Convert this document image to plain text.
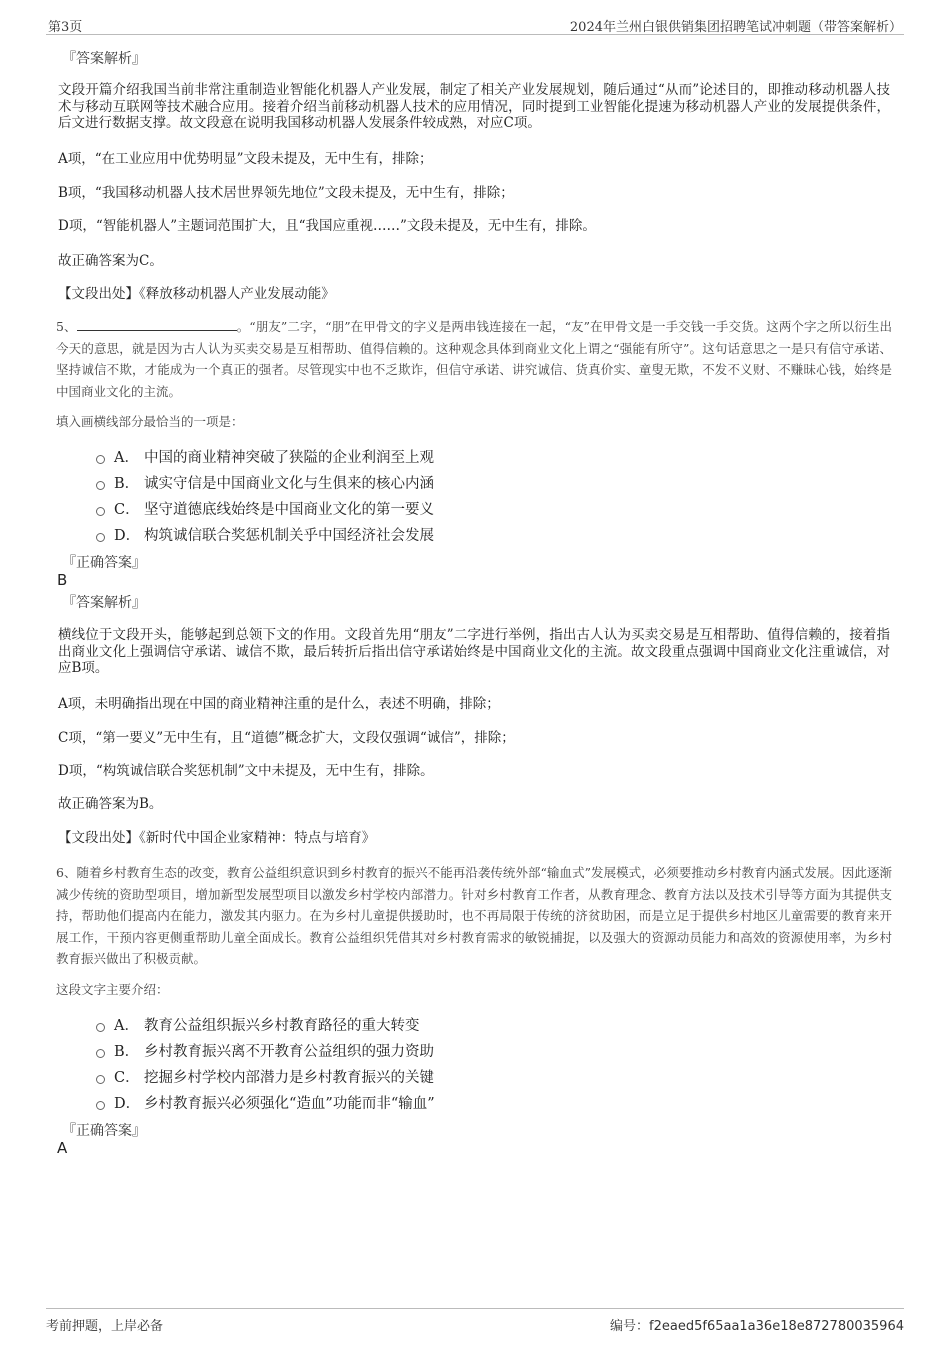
第3页	2024年兰州白银供销集团招聘笔试冲刺题（带答案解析）
『答案解析』
文段开篇介绍我国当前非常注重制造业智能化机器人产业发展，制定了相关产业发展规划，随后通过“从而”论述目的，即推动移动机器人技术与移动互联网等技术融合应用。接着介绍当前移动机器人技术的应用情况，同时提到工业智能化提速为移动机器人产业的发展提供条件，后文进行数据支撑。故文段意在说明我国移动机器人发展条件较成熟，对应C项。
A项，“在工业应用中优势明显”文段未提及，无中生有，排除；
B项，“我国移动机器人技术居世界领先地位”文段未提及，无中生有，排除；
D项，“智能机器人”主题词范围扩大，且“我国应重视……”文段未提及，无中生有，排除。
故正确答案为C。
【文段出处】《释放移动机器人产业发展动能》
5、	。“朋友”二字，“朋”在甲骨文的字义是两串钱连接在一起，“友”在甲骨文是一手交钱一手交货。这两个字之所以衍生出今天的意思，就是因为古人认为买卖交易是互相帮助、值得信赖的。这种观念具体到商业文化上谓之“强能有所守”。这句话意思之一是只有信守承诺、坚持诚信不欺，才能成为一个真正的强者。尽管现实中也不乏欺诈，但信守承诺、讲究诚信、货真价实、童叟无欺，不发不义财、不赚昧心钱，始终是中国商业文化的主流。
填入画横线部分最恰当的一项是：
A． 中国的商业精神突破了狭隘的企业利润至上观
B． 诚实守信是中国商业文化与生俱来的核心内涵
C． 坚守道德底线始终是中国商业文化的第一要义
D． 构筑诚信联合奖惩机制关乎中国经济社会发展
『正确答案』
B
『答案解析』
横线位于文段开头，能够起到总领下文的作用。文段首先用“朋友”二字进行举例，指出古人认为买卖交易是互相帮助、值得信赖的，接着指出商业文化上强调信守承诺、诚信不欺，最后转折后指出信守承诺始终是中国商业文化的主流。故文段重点强调中国商业文化注重诚信，对应B项。
A项，未明确指出现在中国的商业精神注重的是什么，表述不明确，排除；
C项，“第一要义”无中生有，且“道德”概念扩大，文段仅强调“诚信”，排除；
D项，“构筑诚信联合奖惩机制”文中未提及，无中生有，排除。
故正确答案为B。
【文段出处】《新时代中国企业家精神：特点与培育》
6、随着乡村教育生态的改变，教育公益组织意识到乡村教育的振兴不能再沿袭传统外部“输血式”发展模式，必须要推动乡村教育内涵式发展。因此逐渐减少传统的资助型项目，增加新型发展型项目以激发乡村学校内部潜力。针对乡村教育工作者，从教育理念、教育方法以及技术引导等方面为其提供支持，帮助他们提高内在能力，激发其内驱力。在为乡村儿童提供援助时，也不再局限于传统的济贫助困，而是立足于提供乡村地区儿童需要的教育来开展工作，干预内容更侧重帮助儿童全面成长。教育公益组织凭借其对乡村教育需求的敏锐捕捉，以及强大的资源动员能力和高效的资源使用率，为乡村教育振兴做出了积极贡献。
这段文字主要介绍：
A． 教育公益组织振兴乡村教育路径的重大转变
B． 乡村教育振兴离不开教育公益组织的强力资助
C． 挖掘乡村学校内部潜力是乡村教育振兴的关键
D． 乡村教育振兴必须强化“造血”功能而非“输血”
『正确答案』
A
考前押题，上岸必备	编号：f2eaed5f65aa1a36e18e872780035964
